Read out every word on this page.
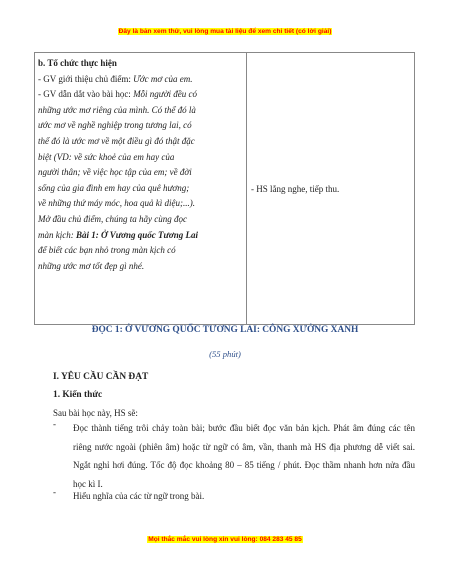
Đây là bản xem thử, vui lòng mua tài liệu để xem chi tiết (có lời giải)
b. Tổ chức thực hiện
- GV giới thiệu chủ điểm: Ước mơ của em.
- GV dẫn dắt vào bài học: Mỗi người đều có
những ước mơ riêng của mình. Có thể đó là
ước mơ về nghề nghiệp trong tương lai, có
thể đó là ước mơ về một điều gì đó thật đặc
biệt (VD: về sức khoẻ của em hay của
người thân; về việc học tập của em; về đời
sống của gia đình em hay của quê hương;
về những thứ máy móc, hoa quả kì diệu;...).
Mở đầu chủ điểm, chúng ta hãy cùng đọc
màn kịch: Bài 1: Ở Vương quốc Tương Lai
để biết các bạn nhỏ trong màn kịch có
những ước mơ tốt đẹp gì nhé.
	- HS lắng nghe, tiếp thu.
ĐỌC 1: Ở VƯƠNG QUỐC TƯƠNG LAI: CÔNG XƯỞNG XANH
(55 phút)
I. YÊU CẦU CẦN ĐẠT
1. Kiến thức
Sau bài học này, HS sẽ:
- Đọc thành tiếng trôi chảy toàn bài; bước đầu biết đọc văn bản kịch. Phát âm đúng các tên riêng nước ngoài (phiên âm) hoặc từ ngữ có âm, vần, thanh mà HS địa phương dễ viết sai. Ngắt nghỉ hơi đúng. Tốc độ đọc khoảng 80 – 85 tiếng / phút. Đọc thầm nhanh hơn nửa đầu học kì I.
- Hiểu nghĩa của các từ ngữ trong bài.
Mọi thắc mắc vui lòng xin vui lòng: 084 283 45 85
